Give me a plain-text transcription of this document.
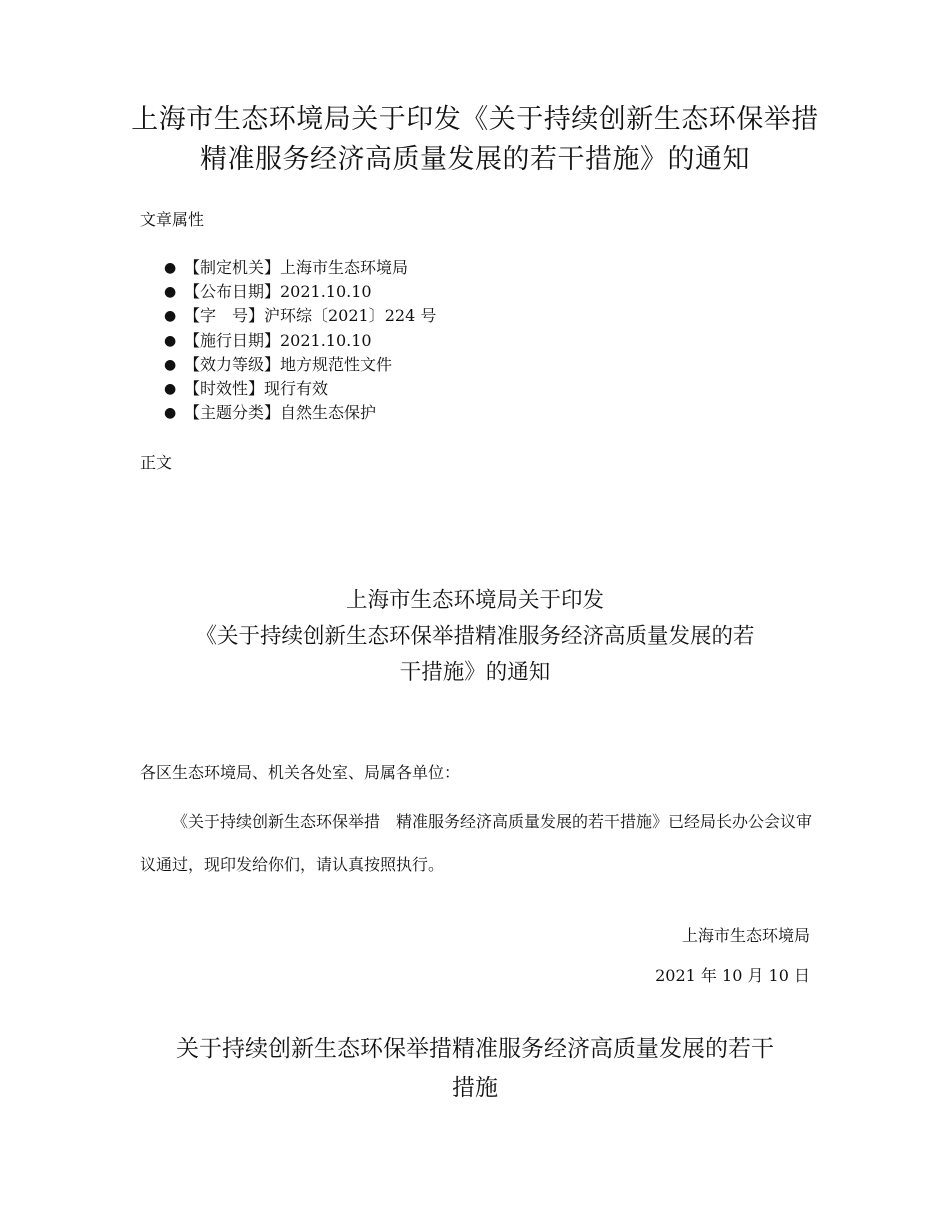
上海市生态环境局关于印发《关于持续创新生态环保举措精准服务经济高质量发展的若干措施》的通知

文章属性

● 【制定机关】上海市生态环境局
● 【公布日期】2021.10.10
● 【字　号】沪环综〔2021〕224 号
● 【施行日期】2021.10.10
● 【效力等级】地方规范性文件
● 【时效性】现行有效
● 【主题分类】自然生态保护

正文

上海市生态环境局关于印发
《关于持续创新生态环保举措精准服务经济高质量发展的若
干措施》的通知

各区生态环境局、机关各处室、局属各单位：

《关于持续创新生态环保举措　精准服务经济高质量发展的若干措施》已经局长办公会议审议通过，现印发给你们，请认真按照执行。

上海市生态环境局

2021 年 10 月 10 日

关于持续创新生态环保举措精准服务经济高质量发展的若干
措施
